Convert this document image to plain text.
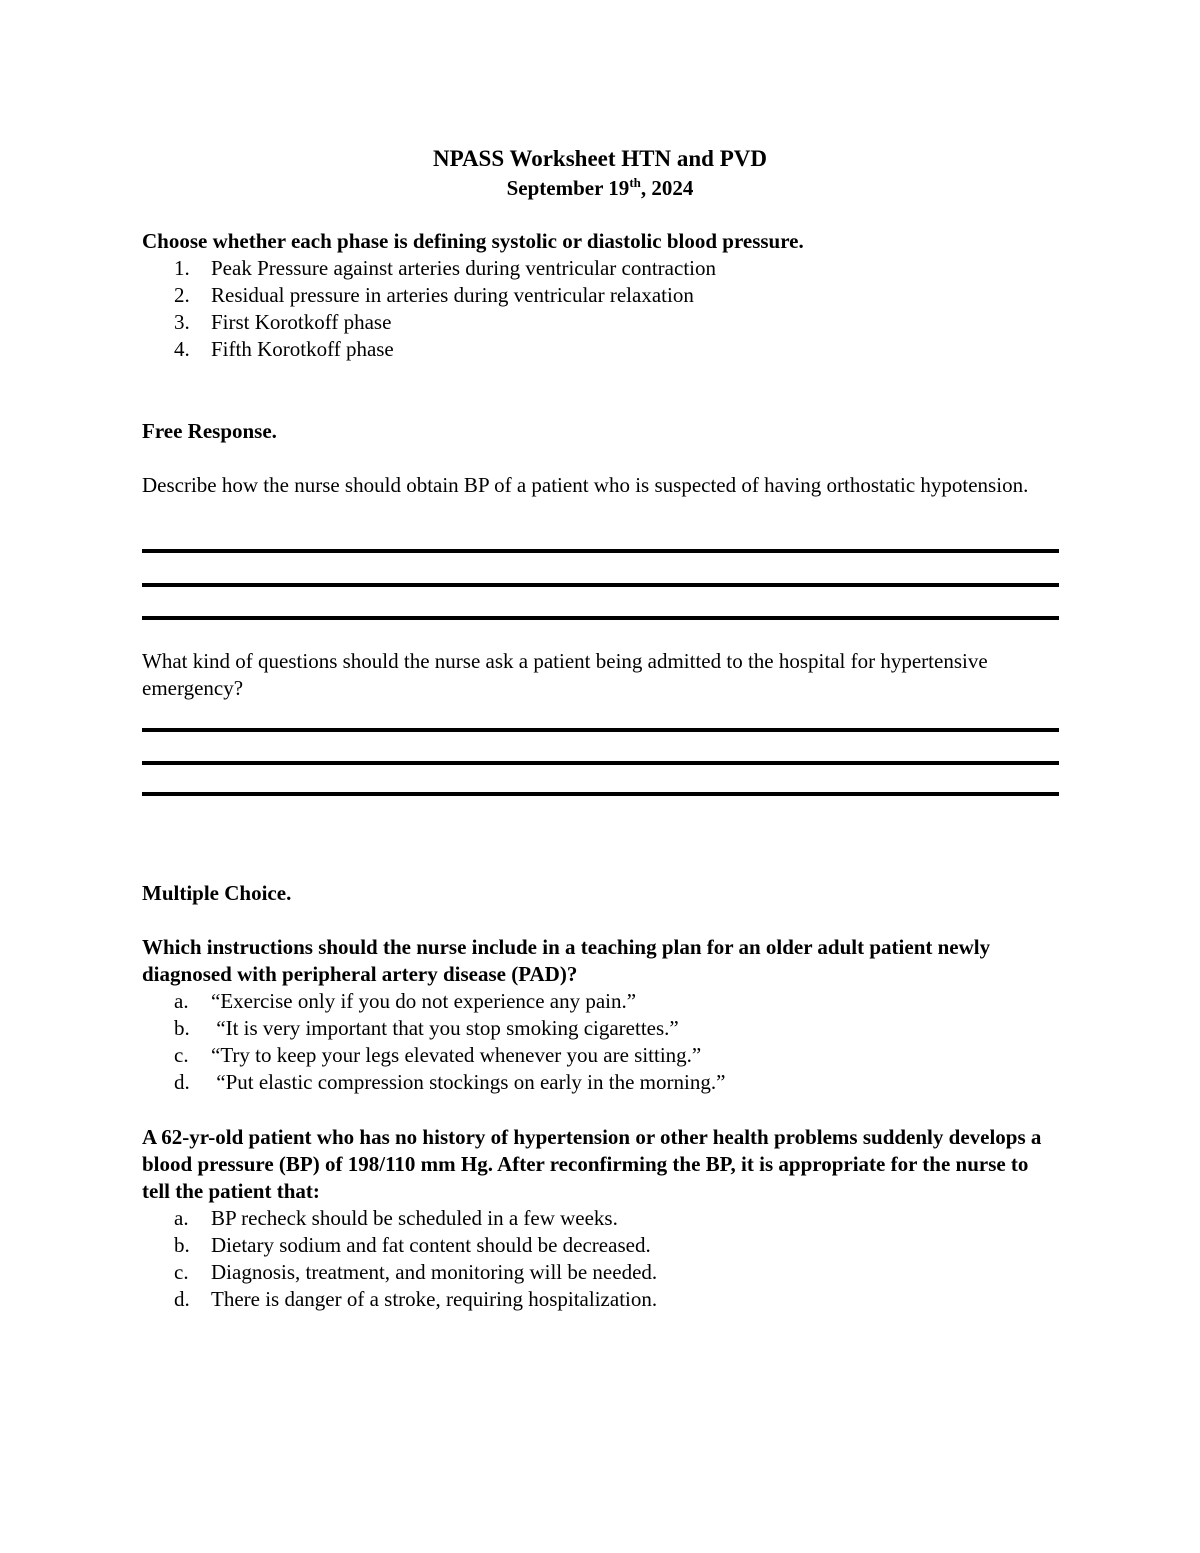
NPASS Worksheet HTN and PVD
September 19th, 2024
Choose whether each phase is defining systolic or diastolic blood pressure.
1. Peak Pressure against arteries during ventricular contraction
2. Residual pressure in arteries during ventricular relaxation
3. First Korotkoff phase
4. Fifth Korotkoff phase
Free Response.
Describe how the nurse should obtain BP of a patient who is suspected of having orthostatic hypotension.
What kind of questions should the nurse ask a patient being admitted to the hospital for hypertensive emergency?
Multiple Choice.
Which instructions should the nurse include in a teaching plan for an older adult patient newly diagnosed with peripheral artery disease (PAD)?
a. “Exercise only if you do not experience any pain.”
b. “It is very important that you stop smoking cigarettes.”
c. “Try to keep your legs elevated whenever you are sitting.”
d. “Put elastic compression stockings on early in the morning.”
A 62-yr-old patient who has no history of hypertension or other health problems suddenly develops a blood pressure (BP) of 198/110 mm Hg. After reconfirming the BP, it is appropriate for the nurse to tell the patient that:
a. BP recheck should be scheduled in a few weeks.
b. Dietary sodium and fat content should be decreased.
c. Diagnosis, treatment, and monitoring will be needed.
d. There is danger of a stroke, requiring hospitalization.
